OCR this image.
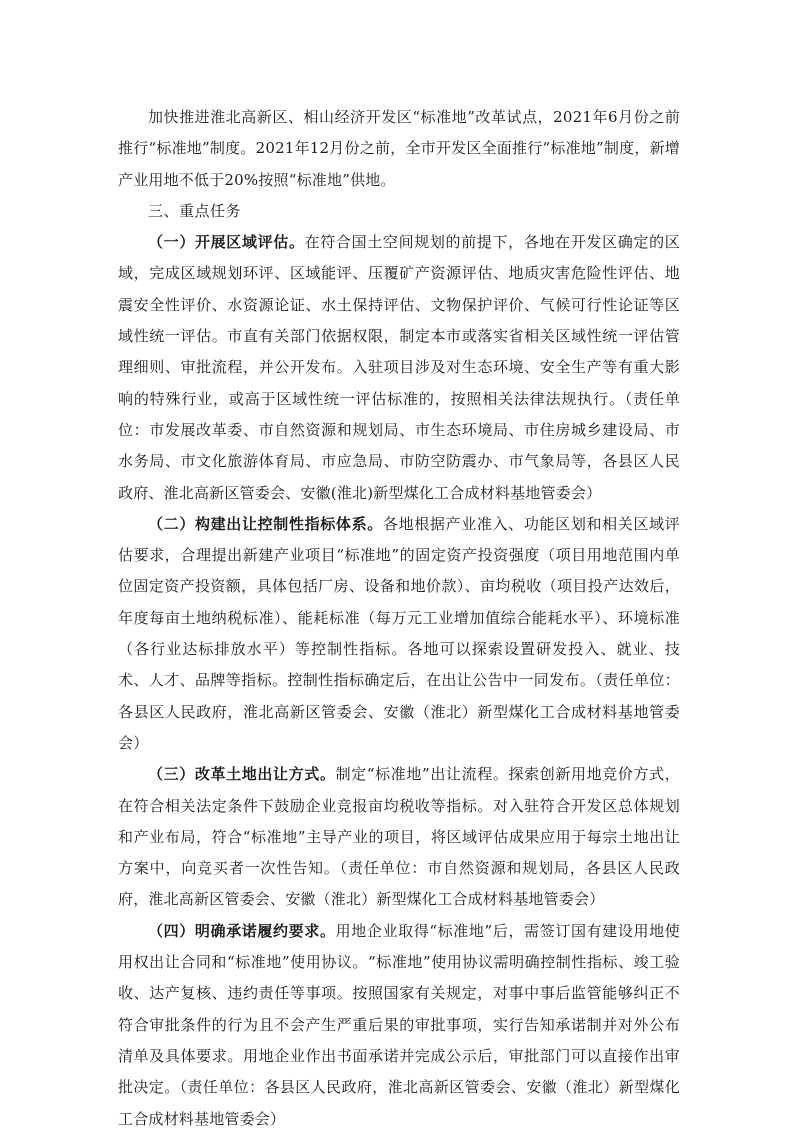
加快推进淮北高新区、相山经济开发区“标准地”改革试点，2021年6月份之前推行“标准地”制度。2021年12月份之前，全市开发区全面推行“标准地”制度，新增产业用地不低于20%按照“标准地”供地。

三、重点任务

（一）开展区域评估。在符合国土空间规划的前提下，各地在开发区确定的区域，完成区域规划环评、区域能评、压覆矿产资源评估、地质灾害危险性评估、地震安全性评价、水资源论证、水土保持评估、文物保护评价、气候可行性论证等区域性统一评估。市直有关部门依据权限，制定本市或落实省相关区域性统一评估管理细则、审批流程，并公开发布。入驻项目涉及对生态环境、安全生产等有重大影响的特殊行业，或高于区域性统一评估标准的，按照相关法律法规执行。（责任单位：市发展改革委、市自然资源和规划局、市生态环境局、市住房城乡建设局、市水务局、市文化旅游体育局、市应急局、市防空防震办、市气象局等，各县区人民政府、淮北高新区管委会、安徽(淮北)新型煤化工合成材料基地管委会）

（二）构建出让控制性指标体系。各地根据产业准入、功能区划和相关区域评估要求，合理提出新建产业项目“标准地”的固定资产投资强度（项目用地范围内单位固定资产投资额，具体包括厂房、设备和地价款）、亩均税收（项目投产达效后，年度每亩土地纳税标准）、能耗标准（每万元工业增加值综合能耗水平）、环境标准（各行业达标排放水平）等控制性指标。各地可以探索设置研发投入、就业、技术、人才、品牌等指标。控制性指标确定后，在出让公告中一同发布。（责任单位：各县区人民政府，淮北高新区管委会、安徽（淮北）新型煤化工合成材料基地管委会）

（三）改革土地出让方式。制定“标准地”出让流程。探索创新用地竞价方式，在符合相关法定条件下鼓励企业竞报亩均税收等指标。对入驻符合开发区总体规划和产业布局，符合“标准地”主导产业的项目，将区域评估成果应用于每宗土地出让方案中，向竞买者一次性告知。（责任单位：市自然资源和规划局，各县区人民政府，淮北高新区管委会、安徽（淮北）新型煤化工合成材料基地管委会）

（四）明确承诺履约要求。用地企业取得“标准地”后，需签订国有建设用地使用权出让合同和“标准地”使用协议。“标准地”使用协议需明确控制性指标、竣工验收、达产复核、违约责任等事项。按照国家有关规定，对事中事后监管能够纠正不符合审批条件的行为且不会产生严重后果的审批事项，实行告知承诺制并对外公布清单及具体要求。用地企业作出书面承诺并完成公示后，审批部门可以直接作出审批决定。（责任单位：各县区人民政府，淮北高新区管委会、安徽（淮北）新型煤化工合成材料基地管委会）
